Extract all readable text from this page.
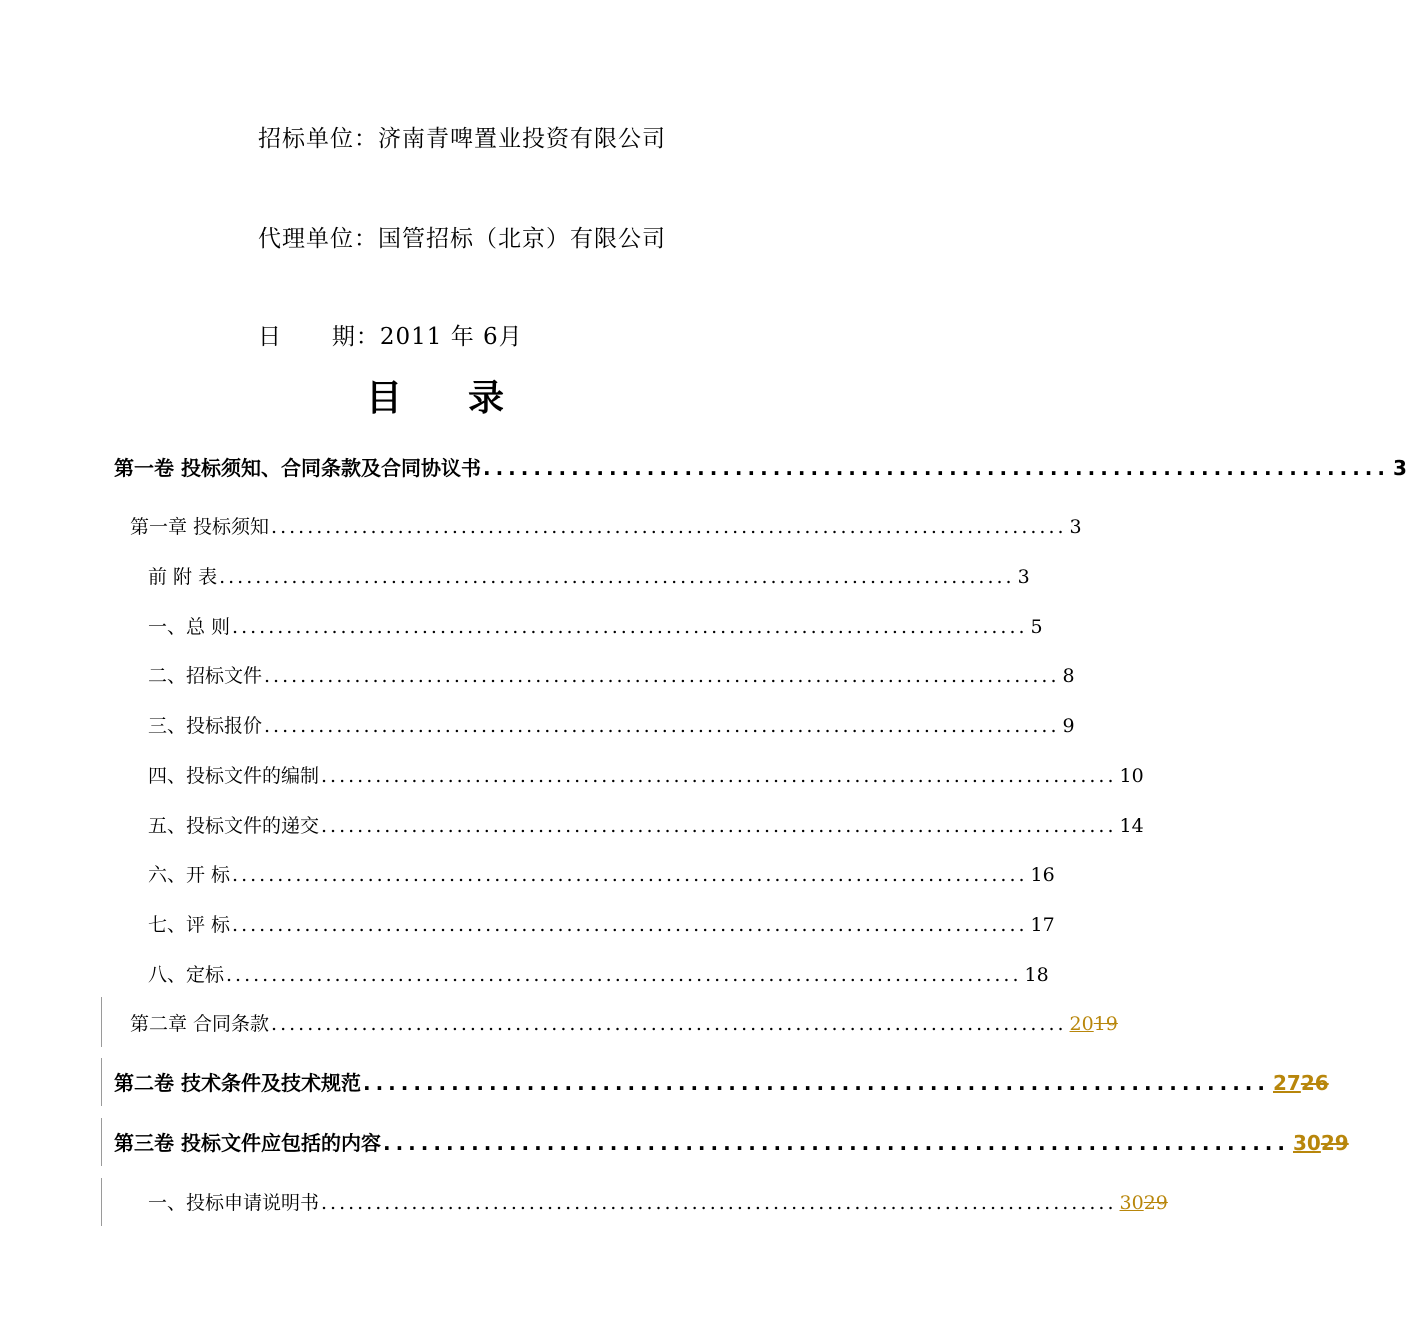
招标单位：济南青啤置业投资有限公司
代理单位：国管招标（北京）有限公司
日      期：2011 年 6月
目 录
第一卷 投标须知、合同条款及合同协议书 ........................................................................ 3
第一章 投标须知 ........................................................................................ 3
前 附 表 ........................................................................................ 3
一、总 则 ........................................................................................ 5
二、招标文件 ........................................................................................ 8
三、投标报价 ........................................................................................ 9
四、投标文件的编制 ........................................................................................ 10
五、投标文件的递交 ........................................................................................ 14
六、开 标 ........................................................................................ 16
七、评 标 ........................................................................................ 17
八、定标 ........................................................................................ 18
第二章 合同条款 ........................................................................................ 2019
第二卷 技术条件及技术规范 ........................................................................ 2726
第三卷 投标文件应包括的内容 ........................................................................ 3029
一、投标申请说明书 ........................................................................................ 3029
